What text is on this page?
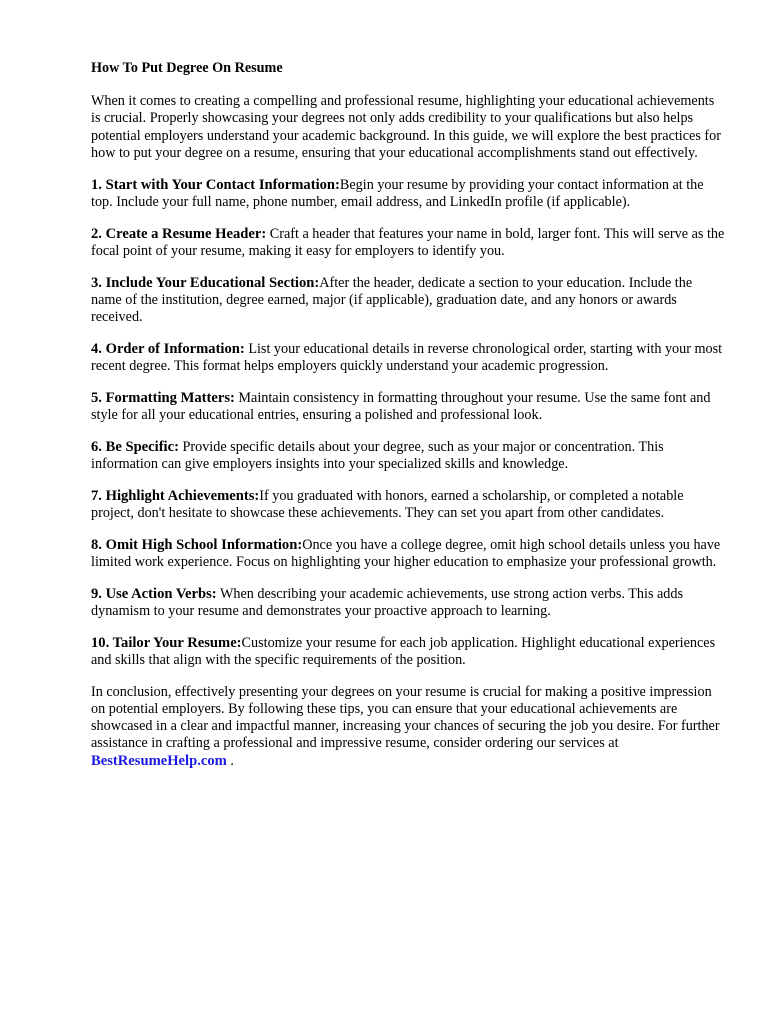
How To Put Degree On Resume

When it comes to creating a compelling and professional resume, highlighting your educational achievements is crucial. Properly showcasing your degrees not only adds credibility to your qualifications but also helps potential employers understand your academic background. In this guide, we will explore the best practices for how to put your degree on a resume, ensuring that your educational accomplishments stand out effectively.

1. Start with Your Contact Information:Begin your resume by providing your contact information at the top. Include your full name, phone number, email address, and LinkedIn profile (if applicable).

2. Create a Resume Header: Craft a header that features your name in bold, larger font. This will serve as the focal point of your resume, making it easy for employers to identify you.

3. Include Your Educational Section:After the header, dedicate a section to your education. Include the name of the institution, degree earned, major (if applicable), graduation date, and any honors or awards received.

4. Order of Information: List your educational details in reverse chronological order, starting with your most recent degree. This format helps employers quickly understand your academic progression.

5. Formatting Matters: Maintain consistency in formatting throughout your resume. Use the same font and style for all your educational entries, ensuring a polished and professional look.

6. Be Specific: Provide specific details about your degree, such as your major or concentration. This information can give employers insights into your specialized skills and knowledge.

7. Highlight Achievements:If you graduated with honors, earned a scholarship, or completed a notable project, don't hesitate to showcase these achievements. They can set you apart from other candidates.

8. Omit High School Information:Once you have a college degree, omit high school details unless you have limited work experience. Focus on highlighting your higher education to emphasize your professional growth.

9. Use Action Verbs: When describing your academic achievements, use strong action verbs. This adds dynamism to your resume and demonstrates your proactive approach to learning.

10. Tailor Your Resume:Customize your resume for each job application. Highlight educational experiences and skills that align with the specific requirements of the position.

In conclusion, effectively presenting your degrees on your resume is crucial for making a positive impression on potential employers. By following these tips, you can ensure that your educational achievements are showcased in a clear and impactful manner, increasing your chances of securing the job you desire. For further assistance in crafting a professional and impressive resume, consider ordering our services at BestResumeHelp.com .
